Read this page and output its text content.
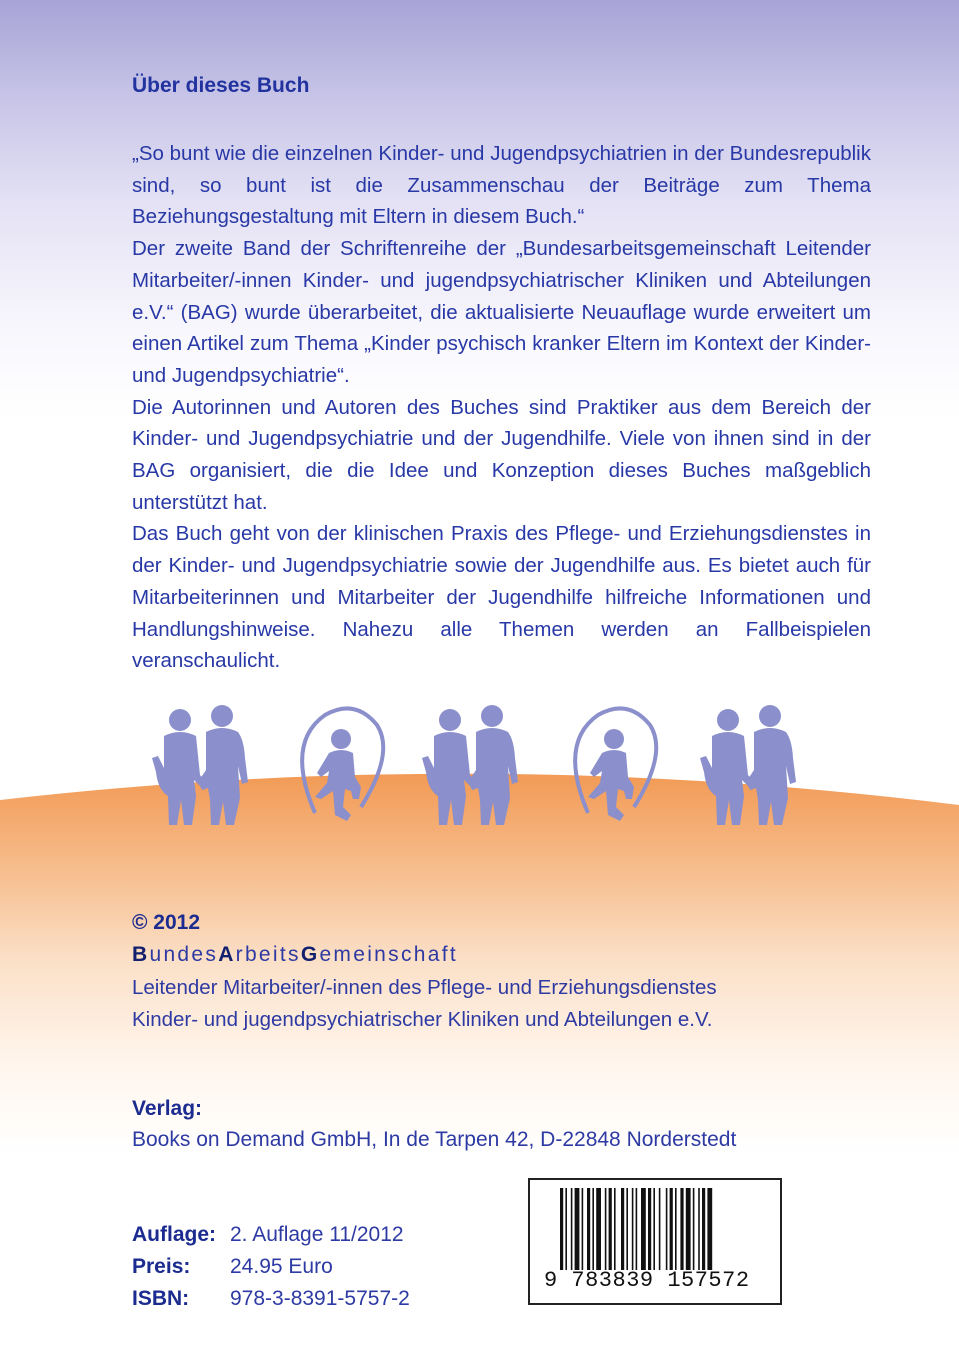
Über dieses Buch

„So bunt wie die einzelnen Kinder- und Jugendpsychiatrien in der Bundesrepublik sind, so bunt ist die Zusammenschau der Beiträge zum Thema Beziehungsgestaltung mit Eltern in diesem Buch.“

Der zweite Band der Schriftenreihe der „Bundesarbeitsgemeinschaft Leitender Mitarbeiter/-innen Kinder- und jugendpsychiatrischer Kliniken und Abteilungen e.V.“ (BAG) wurde überarbeitet, die aktualisierte Neuauflage wurde erweitert um einen Artikel zum Thema „Kinder psychisch kranker Eltern im Kontext der Kinder- und Jugendpsychiatrie“.

Die Autorinnen und Autoren des Buches sind Praktiker aus dem Bereich der Kinder- und Jugendpsychiatrie und der Jugendhilfe. Viele von ihnen sind in der BAG organisiert, die die Idee und Konzeption dieses Buches maßgeblich unterstützt hat.

Das Buch geht von der klinischen Praxis des Pflege- und Erziehungsdienstes in der Kinder- und Jugendpsychiatrie sowie der Jugendhilfe aus. Es bietet auch für Mitarbeiterinnen und Mitarbeiter der Jugendhilfe hilfreiche Informationen und Handlungshinweise. Nahezu alle Themen werden an Fallbeispielen veranschaulicht.

© 2012
BundesArbeitsGemeinschaft
Leitender Mitarbeiter/-innen des Pflege- und Erziehungsdienstes
Kinder- und jugendpsychiatrischer Kliniken und Abteilungen e.V.
Verlag:
Books on Demand GmbH, In de Tarpen 42, D-22848 Norderstedt
Auflage: 2. Auflage 11/2012
Preis: 24.95 Euro
ISBN: 978-3-8391-5757-2
9 783839 157572
